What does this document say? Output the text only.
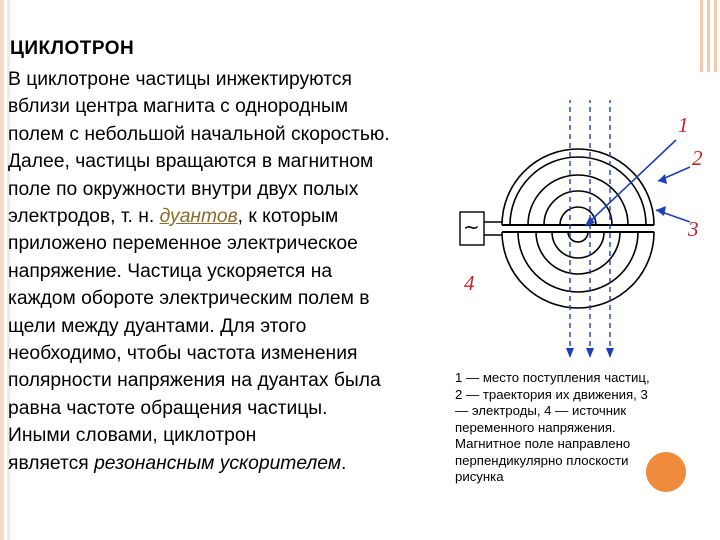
ЦИКЛОТРОН
В циклотроне частицы инжектируются
вблизи центра магнита с однородным
полем с небольшой начальной скоростью.
Далее, частицы вращаются в магнитном
поле по окружности внутри двух полых
электродов, т. н. дуантов, к которым
приложено переменное электрическое
напряжение. Частица ускоряется на
каждом обороте электрическим полем в
щели между дуантами. Для этого
необходимо, чтобы частота изменения
полярности напряжения на дуантах была
равна частоте обращения частицы.
Иными словами, циклотрон
является резонансным ускорителем.
~
1
2
3
4
1 — место поступления частиц,
2 — траектория их движения, 3
— электроды, 4 — источник
переменного напряжения.
Магнитное поле направлено
перпендикулярно плоскости
рисунка
